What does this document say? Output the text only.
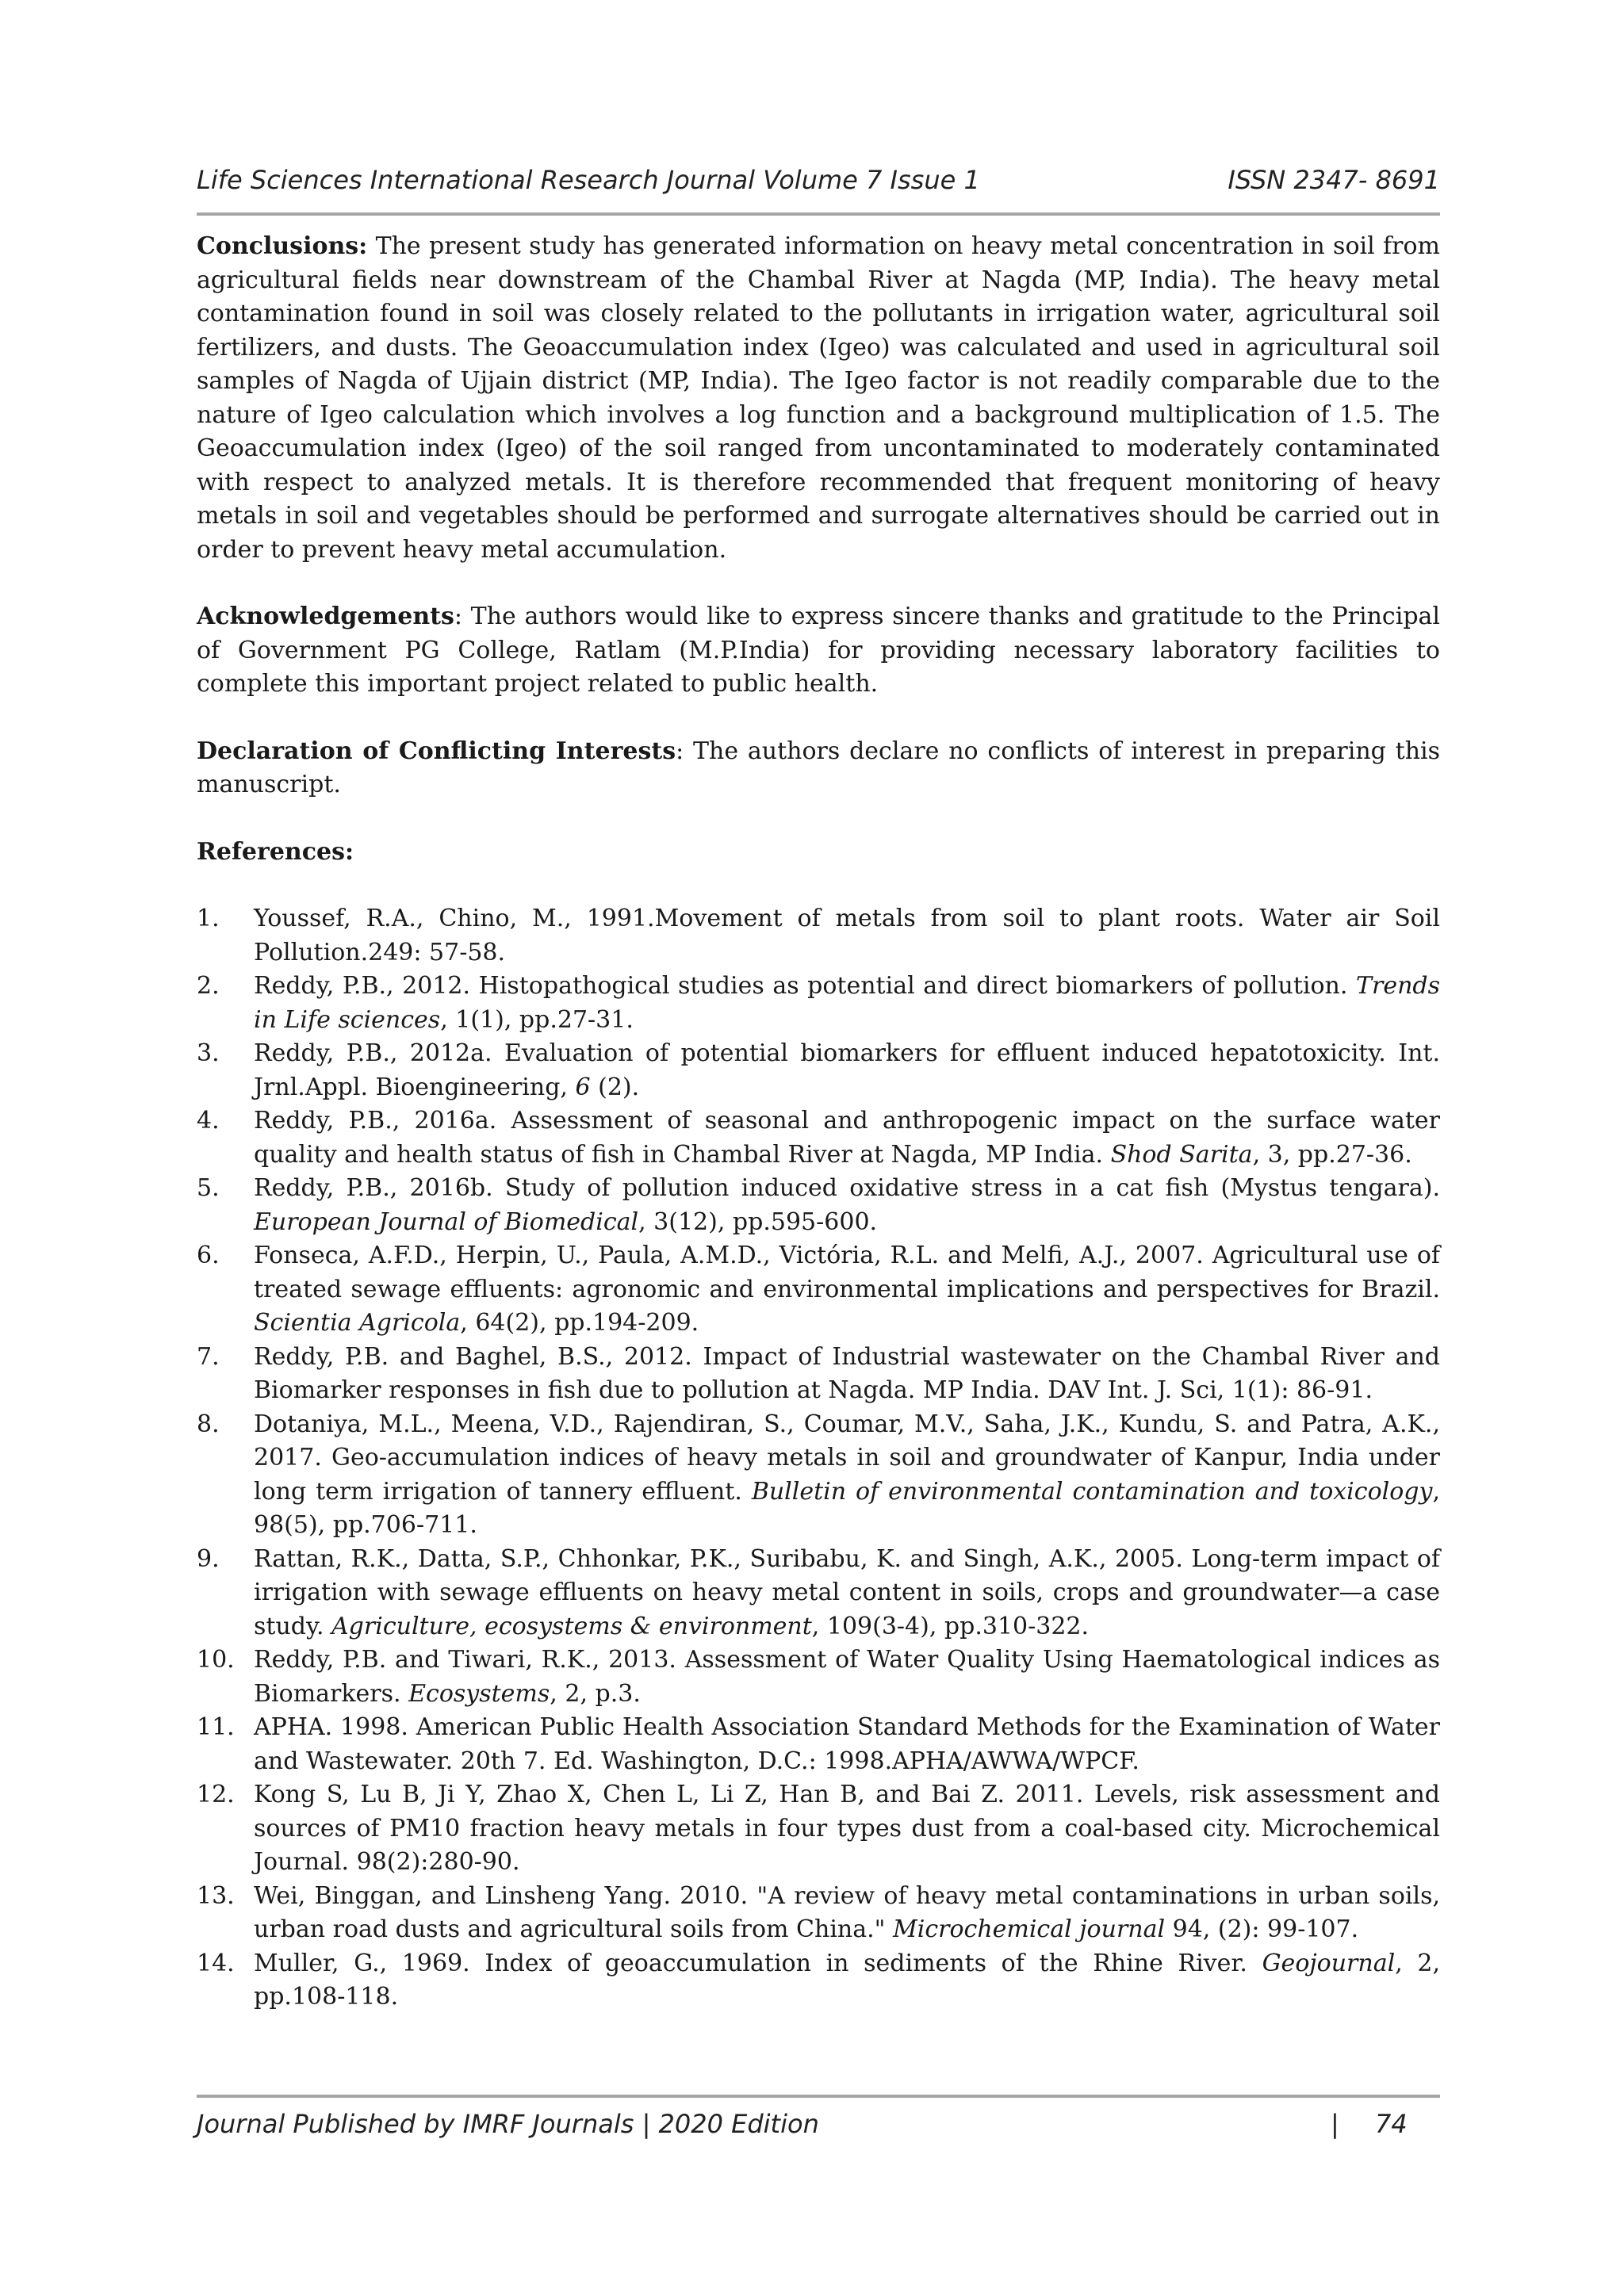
Life Sciences International Research Journal Volume 7 Issue 1	ISSN 2347- 8691

Conclusions: The present study has generated information on heavy metal concentration in soil from agricultural fields near downstream of the Chambal River at Nagda (MP, India). The heavy metal contamination found in soil was closely related to the pollutants in irrigation water, agricultural soil fertilizers, and dusts. The Geoaccumulation index (Igeo) was calculated and used in agricultural soil samples of Nagda of Ujjain district (MP, India). The Igeo factor is not readily comparable due to the nature of Igeo calculation which involves a log function and a background multiplication of 1.5. The Geoaccumulation index (Igeo) of the soil ranged from uncontaminated to moderately contaminated with respect to analyzed metals. It is therefore recommended that frequent monitoring of heavy metals in soil and vegetables should be performed and surrogate alternatives should be carried out in order to prevent heavy metal accumulation.

Acknowledgements: The authors would like to express sincere thanks and gratitude to the Principal of Government PG College, Ratlam (M.P.India) for providing necessary laboratory facilities to complete this important project related to public health.

Declaration of Conflicting Interests: The authors declare no conflicts of interest in preparing this manuscript.

References:
1. Youssef, R.A., Chino, M., 1991.Movement of metals from soil to plant roots. Water air Soil Pollution.249: 57-58.
2. Reddy, P.B., 2012. Histopathogical studies as potential and direct biomarkers of pollution. Trends in Life sciences, 1(1), pp.27-31.
3. Reddy, P.B., 2012a. Evaluation of potential biomarkers for effluent induced hepatotoxicity. Int. Jrnl.Appl. Bioengineering, 6 (2).
4. Reddy, P.B., 2016a. Assessment of seasonal and anthropogenic impact on the surface water quality and health status of fish in Chambal River at Nagda, MP India. Shod Sarita, 3, pp.27-36.
5. Reddy, P.B., 2016b. Study of pollution induced oxidative stress in a cat fish (Mystus tengara). European Journal of Biomedical, 3(12), pp.595-600.
6. Fonseca, A.F.D., Herpin, U., Paula, A.M.D., Victória, R.L. and Melfi, A.J., 2007. Agricultural use of treated sewage effluents: agronomic and environmental implications and perspectives for Brazil. Scientia Agricola, 64(2), pp.194-209.
7. Reddy, P.B. and Baghel, B.S., 2012. Impact of Industrial wastewater on the Chambal River and Biomarker responses in fish due to pollution at Nagda. MP India. DAV Int. J. Sci, 1(1): 86-91.
8. Dotaniya, M.L., Meena, V.D., Rajendiran, S., Coumar, M.V., Saha, J.K., Kundu, S. and Patra, A.K., 2017. Geo-accumulation indices of heavy metals in soil and groundwater of Kanpur, India under long term irrigation of tannery effluent. Bulletin of environmental contamination and toxicology, 98(5), pp.706-711.
9. Rattan, R.K., Datta, S.P., Chhonkar, P.K., Suribabu, K. and Singh, A.K., 2005. Long-term impact of irrigation with sewage effluents on heavy metal content in soils, crops and groundwater—a case study. Agriculture, ecosystems & environment, 109(3-4), pp.310-322.
10. Reddy, P.B. and Tiwari, R.K., 2013. Assessment of Water Quality Using Haematological indices as Biomarkers. Ecosystems, 2, p.3.
11. APHA. 1998. American Public Health Association Standard Methods for the Examination of Water and Wastewater. 20th 7. Ed. Washington, D.C.: 1998.APHA/AWWA/WPCF.
12. Kong S, Lu B, Ji Y, Zhao X, Chen L, Li Z, Han B, and Bai Z. 2011. Levels, risk assessment and sources of PM10 fraction heavy metals in four types dust from a coal-based city. Microchemical Journal. 98(2):280-90.
13. Wei, Binggan, and Linsheng Yang. 2010. "A review of heavy metal contaminations in urban soils, urban road dusts and agricultural soils from China." Microchemical journal 94, (2): 99-107.
14. Muller, G., 1969. Index of geoaccumulation in sediments of the Rhine River. Geojournal, 2, pp.108-118.
Journal Published by IMRF Journals | 2020 Edition	| 74
